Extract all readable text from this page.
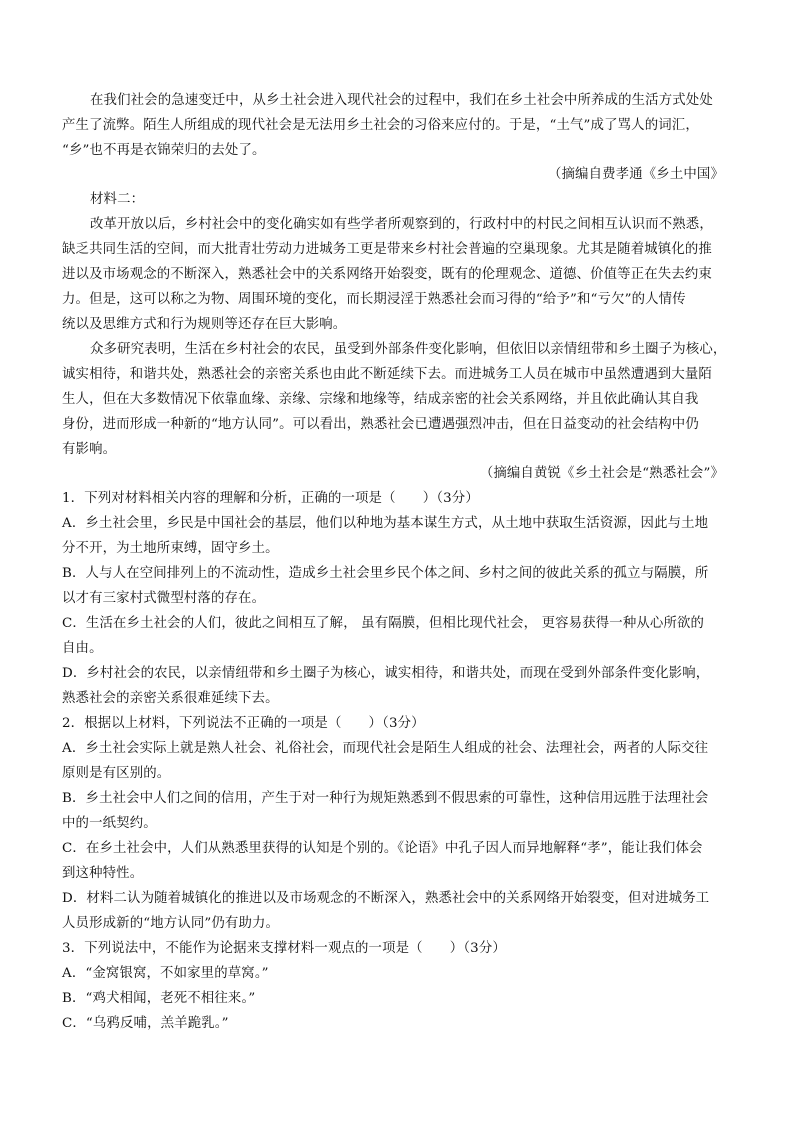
在我们社会的急速变迁中，从乡土社会进入现代社会的过程中，我们在乡土社会中所养成的生活方式处处
产生了流弊。陌生人所组成的现代社会是无法用乡土社会的习俗来应付的。于是，“土气”成了骂人的词汇，
“乡”也不再是衣锦荣归的去处了。
（摘编自费孝通《乡土中国》
材料二：
改革开放以后，乡村社会中的变化确实如有些学者所观察到的，行政村中的村民之间相互认识而不熟悉，
缺乏共同生活的空间，而大批青壮劳动力进城务工更是带来乡村社会普遍的空巢现象。尤其是随着城镇化的推
进以及市场观念的不断深入，熟悉社会中的关系网络开始裂变，既有的伦理观念、道德、价值等正在失去约束
力。但是，这可以称之为物、周围环境的变化，而长期浸淫于熟悉社会而习得的“给予”和“亏欠”的人情传
统以及思维方式和行为规则等还存在巨大影响。
众多研究表明，生活在乡村社会的农民，虽受到外部条件变化影响，但依旧以亲情纽带和乡土圈子为核心，
诚实相待，和谐共处，熟悉社会的亲密关系也由此不断延续下去。而进城务工人员在城市中虽然遭遇到大量陌
生人，但在大多数情况下依靠血缘、亲缘、宗缘和地缘等，结成亲密的社会关系网络，并且依此确认其自我
身份，进而形成一种新的“地方认同”。可以看出，熟悉社会已遭遇强烈冲击，但在日益变动的社会结构中仍
有影响。
（摘编自黄锐《乡土社会是“熟悉社会”》
1．下列对材料相关内容的理解和分析，正确的一项是（　　）（3分）
A．乡土社会里，乡民是中国社会的基层，他们以种地为基本谋生方式，从土地中获取生活资源，因此与土地
分不开，为土地所束缚，固守乡土。
B．人与人在空间排列上的不流动性，造成乡土社会里乡民个体之间、乡村之间的彼此关系的孤立与隔膜，所
以才有三家村式微型村落的存在。
C．生活在乡土社会的人们，彼此之间相互了解， 虽有隔膜，但相比现代社会， 更容易获得一种从心所欲的
自由。
D．乡村社会的农民，以亲情纽带和乡土圈子为核心，诚实相待，和谐共处，而现在受到外部条件变化影响，
熟悉社会的亲密关系很难延续下去。
2．根据以上材料，下列说法不正确的一项是（　　）（3分）
A．乡土社会实际上就是熟人社会、礼俗社会，而现代社会是陌生人组成的社会、法理社会，两者的人际交往
原则是有区别的。
B．乡土社会中人们之间的信用，产生于对一种行为规矩熟悉到不假思索的可靠性，这种信用远胜于法理社会
中的一纸契约。
C．在乡土社会中，人们从熟悉里获得的认知是个别的。《论语》中孔子因人而异地解释“孝”，能让我们体会
到这种特性。
D．材料二认为随着城镇化的推进以及市场观念的不断深入，熟悉社会中的关系网络开始裂变，但对进城务工
人员形成新的“地方认同”仍有助力。
3．下列说法中，不能作为论据来支撑材料一观点的一项是（　　）（3分）
A．“金窝银窝，不如家里的草窝。”
B．“鸡犬相闻，老死不相往来。”
C．“乌鸦反哺，羔羊跪乳。”
